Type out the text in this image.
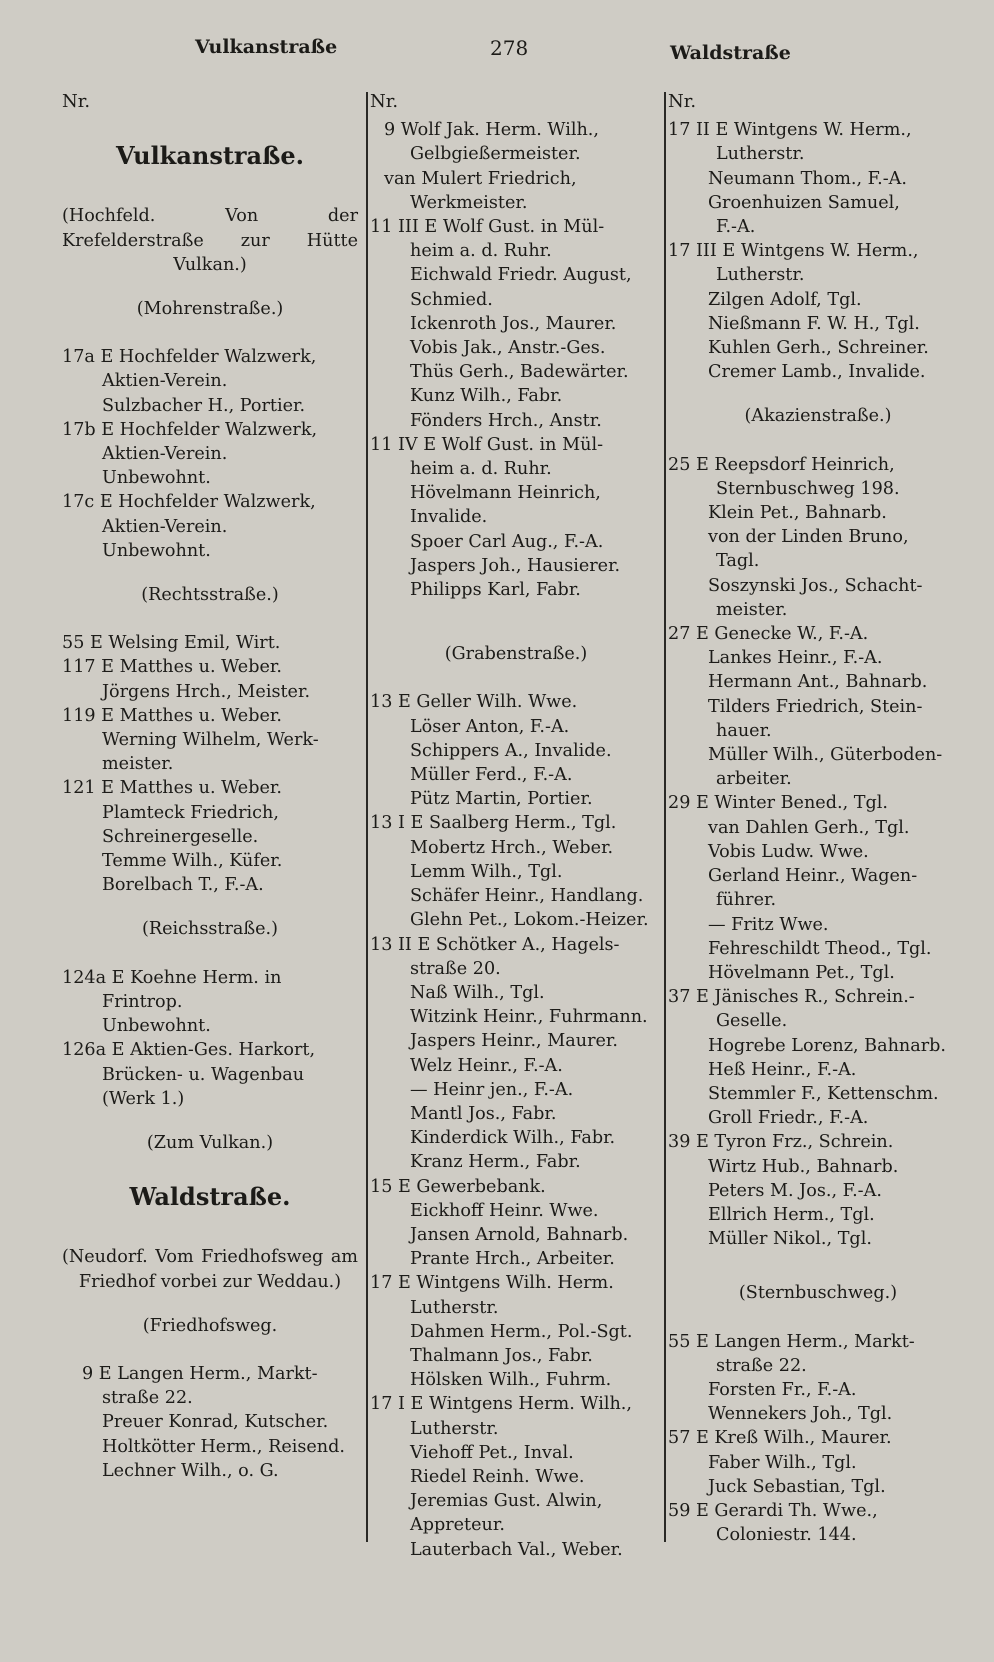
Vulkanstraße	278	Waldstraße
Nr.
Vulkanstraße.
(Hochfeld. Von der Krefelderstraße zur Hütte Vulkan.)
(Mohrenstraße.)
17a E Hochfelder Walzwerk,
Aktien-Verein.
Sulzbacher H., Portier.
17b E Hochfelder Walzwerk,
Aktien-Verein.
Unbewohnt.
17c E Hochfelder Walzwerk,
Aktien-Verein.
Unbewohnt.
(Rechtsstraße.)
55 E Welsing Emil, Wirt.
117 E Matthes u. Weber.
Jörgens Hrch., Meister.
119 E Matthes u. Weber.
Werning Wilhelm, Werk-
meister.
121 E Matthes u. Weber.
Plamteck Friedrich,
Schreinergeselle.
Temme Wilh., Küfer.
Borelbach T., F.-A.
(Reichsstraße.)
124a E Koehne Herm. in
Frintrop.
Unbewohnt.
126a E Aktien-Ges. Harkort,
Brücken- u. Wagenbau
(Werk 1.)
(Zum Vulkan.)
Waldstraße.
(Neudorf. Vom Friedhofsweg am Friedhof vorbei zur Weddau.)
(Friedhofsweg.
9 E Langen Herm., Markt-
straße 22.
Preuer Konrad, Kutscher.
Holtkötter Herm., Reisend.
Lechner Wilh., o. G.
Nr.
9 Wolf Jak. Herm. Wilh.,
Gelbgießermeister.
van Mulert Friedrich,
Werkmeister.
11 III E Wolf Gust. in Mül-
heim a. d. Ruhr.
Eichwald Friedr. August,
Schmied.
Ickenroth Jos., Maurer.
Vobis Jak., Anstr.-Ges.
Thüs Gerh., Badewärter.
Kunz Wilh., Fabr.
Fönders Hrch., Anstr.
11 IV E Wolf Gust. in Mül-
heim a. d. Ruhr.
Hövelmann Heinrich,
Invalide.
Spoer Carl Aug., F.-A.
Jaspers Joh., Hausierer.
Philipps Karl, Fabr.
(Grabenstraße.)
13 E Geller Wilh. Wwe.
Löser Anton, F.-A.
Schippers A., Invalide.
Müller Ferd., F.-A.
Pütz Martin, Portier.
13 I E Saalberg Herm., Tgl.
Mobertz Hrch., Weber.
Lemm Wilh., Tgl.
Schäfer Heinr., Handlang.
Glehn Pet., Lokom.-Heizer.
13 II E Schötker A., Hagels-
straße 20.
Naß Wilh., Tgl.
Witzink Heinr., Fuhrmann.
Jaspers Heinr., Maurer.
Welz Heinr., F.-A.
— Heinr jen., F.-A.
Mantl Jos., Fabr.
Kinderdick Wilh., Fabr.
Kranz Herm., Fabr.
15 E Gewerbebank.
Eickhoff Heinr. Wwe.
Jansen Arnold, Bahnarb.
Prante Hrch., Arbeiter.
17 E Wintgens Wilh. Herm.
Lutherstr.
Dahmen Herm., Pol.-Sgt.
Thalmann Jos., Fabr.
Hölsken Wilh., Fuhrm.
17 I E Wintgens Herm. Wilh.,
Lutherstr.
Viehoff Pet., Inval.
Riedel Reinh. Wwe.
Jeremias Gust. Alwin,
Appreteur.
Lauterbach Val., Weber.
Nr.
17 II E Wintgens W. Herm.,
Lutherstr.
Neumann Thom., F.-A.
Groenhuizen Samuel,
F.-A.
17 III E Wintgens W. Herm.,
Lutherstr.
Zilgen Adolf, Tgl.
Nießmann F. W. H., Tgl.
Kuhlen Gerh., Schreiner.
Cremer Lamb., Invalide.
(Akazienstraße.)
25 E Reepsdorf Heinrich,
Sternbuschweg 198.
Klein Pet., Bahnarb.
von der Linden Bruno,
Tagl.
Soszynski Jos., Schacht-
meister.
27 E Genecke W., F.-A.
Lankes Heinr., F.-A.
Hermann Ant., Bahnarb.
Tilders Friedrich, Stein-
hauer.
Müller Wilh., Güterboden-
arbeiter.
29 E Winter Bened., Tgl.
van Dahlen Gerh., Tgl.
Vobis Ludw. Wwe.
Gerland Heinr., Wagen-
führer.
— Fritz Wwe.
Fehreschildt Theod., Tgl.
Hövelmann Pet., Tgl.
37 E Jänisches R., Schrein.-
Geselle.
Hogrebe Lorenz, Bahnarb.
Heß Heinr., F.-A.
Stemmler F., Kettenschm.
Groll Friedr., F.-A.
39 E Tyron Frz., Schrein.
Wirtz Hub., Bahnarb.
Peters M. Jos., F.-A.
Ellrich Herm., Tgl.
Müller Nikol., Tgl.
(Sternbuschweg.)
55 E Langen Herm., Markt-
straße 22.
Forsten Fr., F.-A.
Wennekers Joh., Tgl.
57 E Kreß Wilh., Maurer.
Faber Wilh., Tgl.
Juck Sebastian, Tgl.
59 E Gerardi Th. Wwe.,
Coloniestr. 144.
